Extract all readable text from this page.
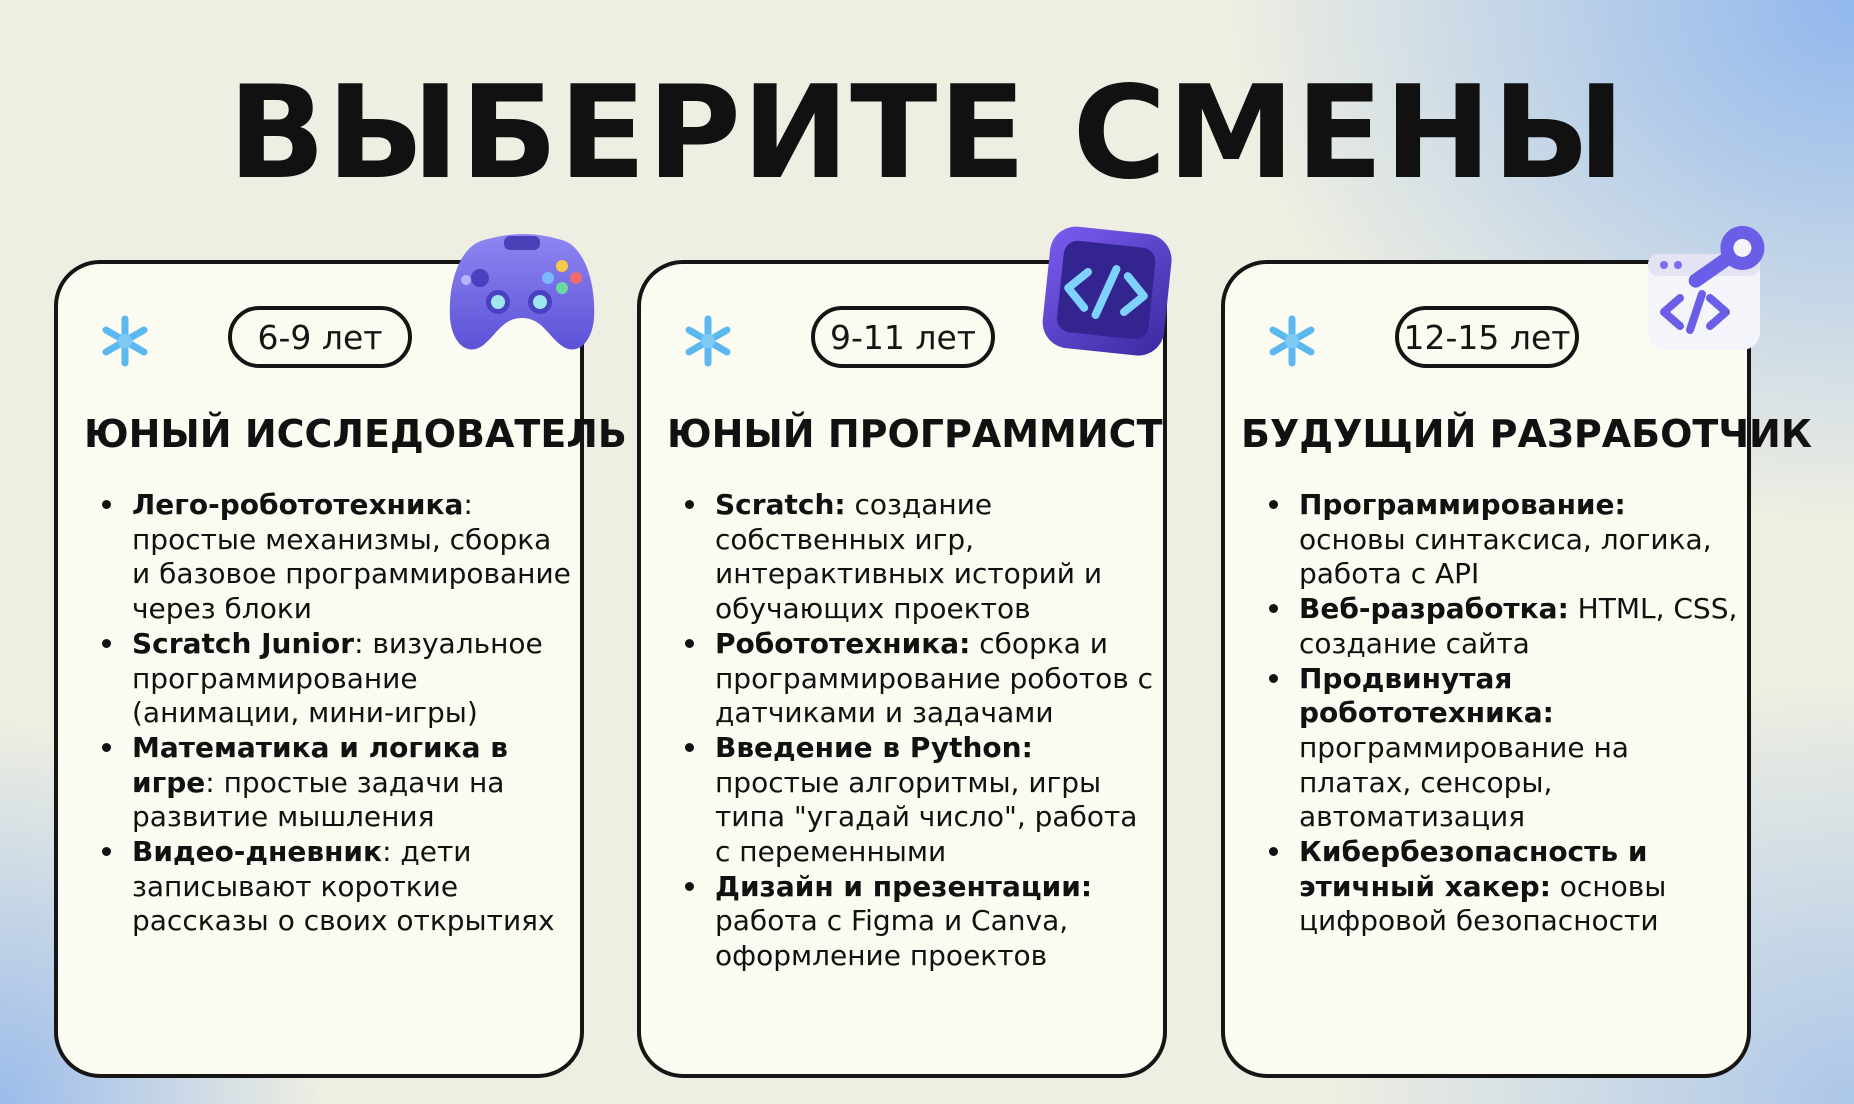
ВЫБЕРИТЕ СМЕНЫ
6-9 лет
ЮНЫЙ ИССЛЕДОВАТЕЛЬ
Лего-робототехника: простые механизмы, сборка и базовое программирование через блоки
Scratch Junior: визуальное программирование (анимации, мини-игры)
Математика и логика в игре: простые задачи на развитие мышления
Видео-дневник: дети записывают короткие рассказы о своих открытиях
9-11 лет
ЮНЫЙ ПРОГРАММИСТ
Scratch: создание собственных игр, интерактивных историй и обучающих проектов
Робототехника: сборка и программирование роботов с датчиками и задачами
Введение в Python: простые алгоритмы, игры типа "угадай число", работа с переменными
Дизайн и презентации: работа с Figma и Canva, оформление проектов
12-15 лет
БУДУЩИЙ РАЗРАБОТЧИК
Программирование: основы синтаксиса, логика, работа с API
Веб-разработка: HTML, CSS, создание сайта
Продвинутая робототехника: программирование на платах, сенсоры, автоматизация
Кибербезопасность и этичный хакер: основы цифровой безопасности
